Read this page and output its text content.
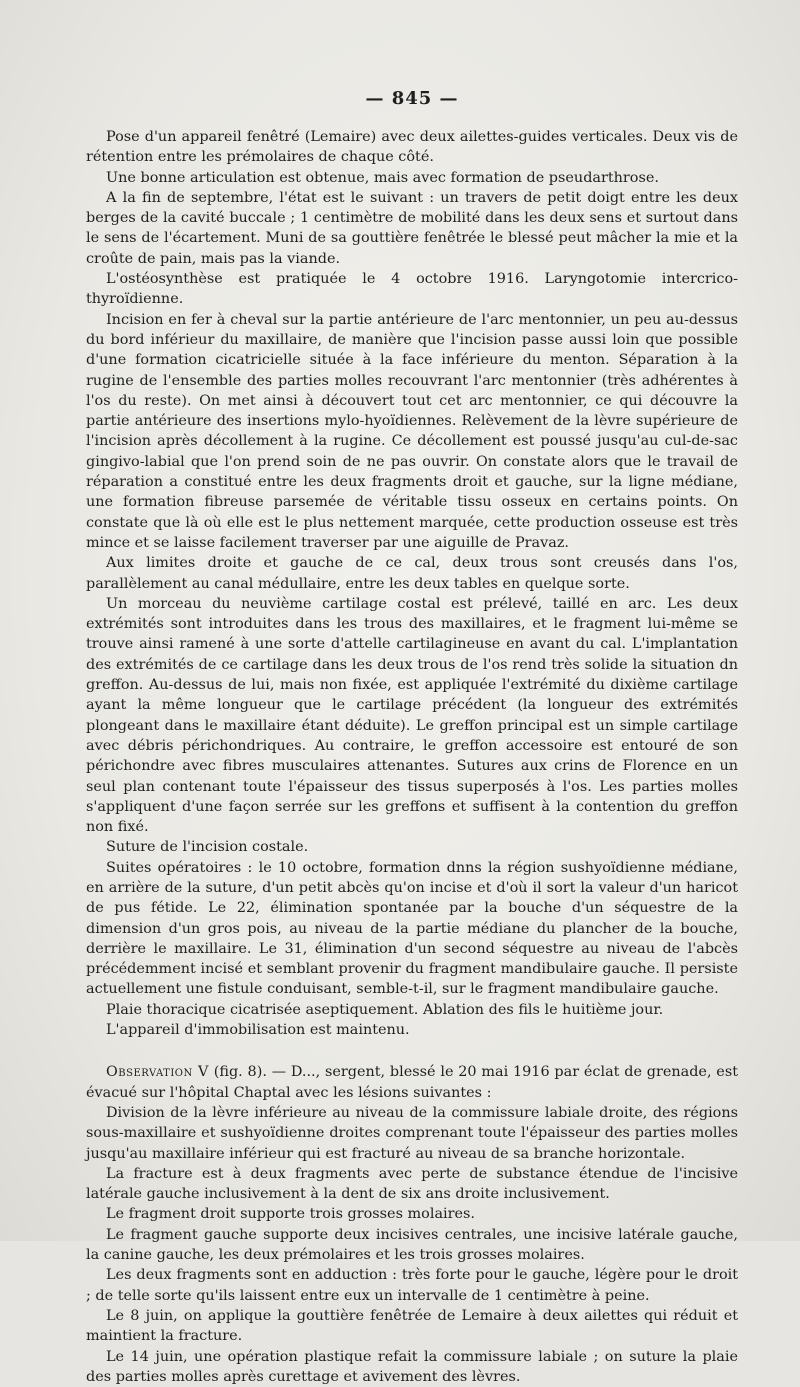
— 845 —

Pose d'un appareil fenêtré (Lemaire) avec deux ailettes-guides verticales. Deux vis de rétention entre les prémolaires de chaque côté.

Une bonne articulation est obtenue, mais avec formation de pseudarthrose.

A la fin de septembre, l'état est le suivant : un travers de petit doigt entre les deux berges de la cavité buccale ; 1 centimètre de mobilité dans les deux sens et surtout dans le sens de l'écartement. Muni de sa gouttière fenêtrée le blessé peut mâcher la mie et la croûte de pain, mais pas la viande.

L'ostéosynthèse est pratiquée le 4 octobre 1916. Laryngotomie intercrico-thyroïdienne.

Incision en fer à cheval sur la partie antérieure de l'arc mentonnier, un peu au-dessus du bord inférieur du maxillaire, de manière que l'incision passe aussi loin que possible d'une formation cicatricielle située à la face inférieure du menton. Séparation à la rugine de l'ensemble des parties molles recouvrant l'arc mentonnier (très adhérentes à l'os du reste). On met ainsi à découvert tout cet arc mentonnier, ce qui découvre la partie antérieure des insertions mylo-hyoïdiennes. Relèvement de la lèvre supérieure de l'incision après décollement à la rugine. Ce décollement est poussé jusqu'au cul-de-sac gingivo-labial que l'on prend soin de ne pas ouvrir. On constate alors que le travail de réparation a constitué entre les deux fragments droit et gauche, sur la ligne médiane, une formation fibreuse parsemée de véritable tissu osseux en certains points. On constate que là où elle est le plus nettement marquée, cette production osseuse est très mince et se laisse facilement traverser par une aiguille de Pravaz.

Aux limites droite et gauche de ce cal, deux trous sont creusés dans l'os, parallèlement au canal médullaire, entre les deux tables en quelque sorte.

Un morceau du neuvième cartilage costal est prélevé, taillé en arc. Les deux extrémités sont introduites dans les trous des maxillaires, et le fragment lui-même se trouve ainsi ramené à une sorte d'attelle cartilagineuse en avant du cal. L'implantation des extrémités de ce cartilage dans les deux trous de l'os rend très solide la situation dn greffon. Au-dessus de lui, mais non fixée, est appliquée l'extrémité du dixième cartilage ayant la même longueur que le cartilage précédent (la longueur des extrémités plongeant dans le maxillaire étant déduite). Le greffon principal est un simple cartilage avec débris périchondriques. Au contraire, le greffon accessoire est entouré de son périchondre avec fibres musculaires attenantes. Sutures aux crins de Florence en un seul plan contenant toute l'épaisseur des tissus superposés à l'os. Les parties molles s'appliquent d'une façon serrée sur les greffons et suffisent à la contention du greffon non fixé.

Suture de l'incision costale.

Suites opératoires : le 10 octobre, formation dnns la région sushyoïdienne médiane, en arrière de la suture, d'un petit abcès qu'on incise et d'où il sort la valeur d'un haricot de pus fétide. Le 22, élimination spontanée par la bouche d'un séquestre de la dimension d'un gros pois, au niveau de la partie médiane du plancher de la bouche, derrière le maxillaire. Le 31, élimination d'un second séquestre au niveau de l'abcès précédemment incisé et semblant provenir du fragment mandibulaire gauche. Il persiste actuellement une fistule conduisant, semble-t-il, sur le fragment mandibulaire gauche.

Plaie thoracique cicatrisée aseptiquement. Ablation des fils le huitième jour.

L'appareil d'immobilisation est maintenu.

Observation V (fig. 8). — D..., sergent, blessé le 20 mai 1916 par éclat de grenade, est évacué sur l'hôpital Chaptal avec les lésions suivantes :

Division de la lèvre inférieure au niveau de la commissure labiale droite, des régions sous-maxillaire et sushyoïdienne droites comprenant toute l'épaisseur des parties molles jusqu'au maxillaire inférieur qui est fracturé au niveau de sa branche horizontale.

La fracture est à deux fragments avec perte de substance étendue de l'incisive latérale gauche inclusivement à la dent de six ans droite inclusivement.

Le fragment droit supporte trois grosses molaires.

Le fragment gauche supporte deux incisives centrales, une incisive latérale gauche, la canine gauche, les deux prémolaires et les trois grosses molaires.

Les deux fragments sont en adduction : très forte pour le gauche, légère pour le droit ; de telle sorte qu'ils laissent entre eux un intervalle de 1 centimètre à peine.

Le 8 juin, on applique la gouttière fenêtrée de Lemaire à deux ailettes qui réduit et maintient la fracture.

Le 14 juin, une opération plastique refait la commissure labiale ; on suture la plaie des parties molles après curettage et avivement des lèvres.
